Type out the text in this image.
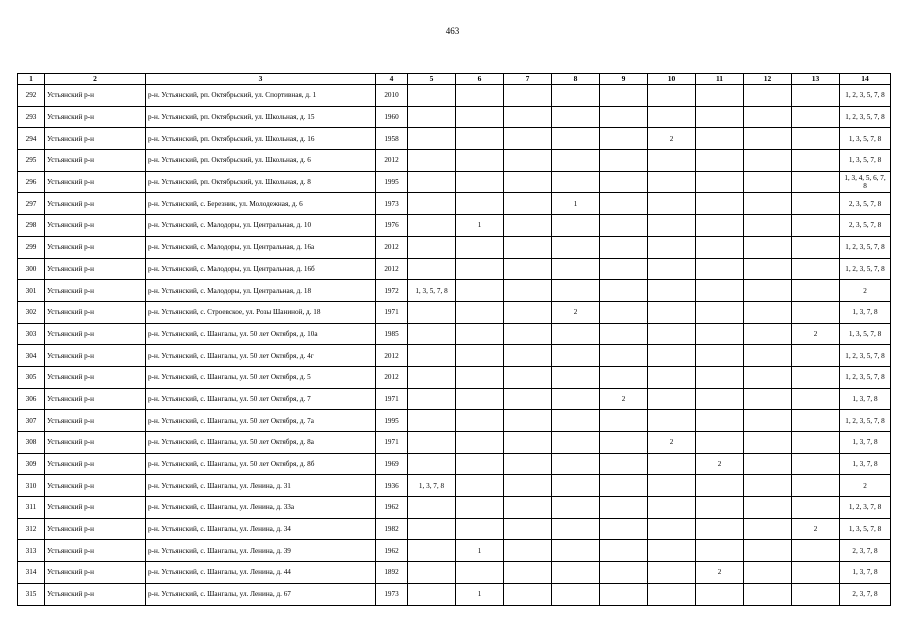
463
1	2	3	4	5	6	7	8	9	10	11	12	13	14
292	Устьянский р-н	р-н. Устьянский, рп. Октябрьский, ул. Спортивная, д. 1	2010										1, 2, 3, 5, 7, 8
293	Устьянский р-н	р-н. Устьянский, рп. Октябрьский, ул. Школьная, д. 15	1960										1, 2, 3, 5, 7, 8
294	Устьянский р-н	р-н. Устьянский, рп. Октябрьский, ул. Школьная, д. 16	1958						2				1, 3, 5, 7, 8
295	Устьянский р-н	р-н. Устьянский, рп. Октябрьский, ул. Школьная, д. 6	2012										1, 3, 5, 7, 8
296	Устьянский р-н	р-н. Устьянский, рп. Октябрьский, ул. Школьная, д. 8	1995										1, 3, 4, 5, 6, 7, 8
297	Устьянский р-н	р-н. Устьянский, с. Березник, ул. Молодежная, д. 6	1973				1						2, 3, 5, 7, 8
298	Устьянский р-н	р-н. Устьянский, с. Малодоры, ул. Центральная, д. 10	1976		1								2, 3, 5, 7, 8
299	Устьянский р-н	р-н. Устьянский, с. Малодоры, ул. Центральная, д. 16а	2012										1, 2, 3, 5, 7, 8
300	Устьянский р-н	р-н. Устьянский, с. Малодоры, ул. Центральная, д. 16б	2012										1, 2, 3, 5, 7, 8
301	Устьянский р-н	р-н. Устьянский, с. Малодоры, ул. Центральная, д. 18	1972	1, 3, 5, 7, 8									2
302	Устьянский р-н	р-н. Устьянский, с. Строевское, ул. Розы Шаниной, д. 18	1971				2						1, 3, 7, 8
303	Устьянский р-н	р-н. Устьянский, с. Шангалы, ул. 50 лет Октября, д. 10а	1985									2	1, 3, 5, 7, 8
304	Устьянский р-н	р-н. Устьянский, с. Шангалы, ул. 50 лет Октября, д. 4г	2012										1, 2, 3, 5, 7, 8
305	Устьянский р-н	р-н. Устьянский, с. Шангалы, ул. 50 лет Октября, д. 5	2012										1, 2, 3, 5, 7, 8
306	Устьянский р-н	р-н. Устьянский, с. Шангалы, ул. 50 лет Октября, д. 7	1971					2					1, 3, 7, 8
307	Устьянский р-н	р-н. Устьянский, с. Шангалы, ул. 50 лет Октября, д. 7а	1995										1, 2, 3, 5, 7, 8
308	Устьянский р-н	р-н. Устьянский, с. Шангалы, ул. 50 лет Октября, д. 8а	1971						2				1, 3, 7, 8
309	Устьянский р-н	р-н. Устьянский, с. Шангалы, ул. 50 лет Октября, д. 8б	1969							2			1, 3, 7, 8
310	Устьянский р-н	р-н. Устьянский, с. Шангалы, ул. Ленина, д. 31	1936	1, 3, 7, 8									2
311	Устьянский р-н	р-н. Устьянский, с. Шангалы, ул. Ленина, д. 33а	1962										1, 2, 3, 7, 8
312	Устьянский р-н	р-н. Устьянский, с. Шангалы, ул. Ленина, д. 34	1982									2	1, 3, 5, 7, 8
313	Устьянский р-н	р-н. Устьянский, с. Шангалы, ул. Ленина, д. 39	1962		1								2, 3, 7, 8
314	Устьянский р-н	р-н. Устьянский, с. Шангалы, ул. Ленина, д. 44	1892							2			1, 3, 7, 8
315	Устьянский р-н	р-н. Устьянский, с. Шангалы, ул. Ленина, д. 67	1973		1								2, 3, 7, 8
